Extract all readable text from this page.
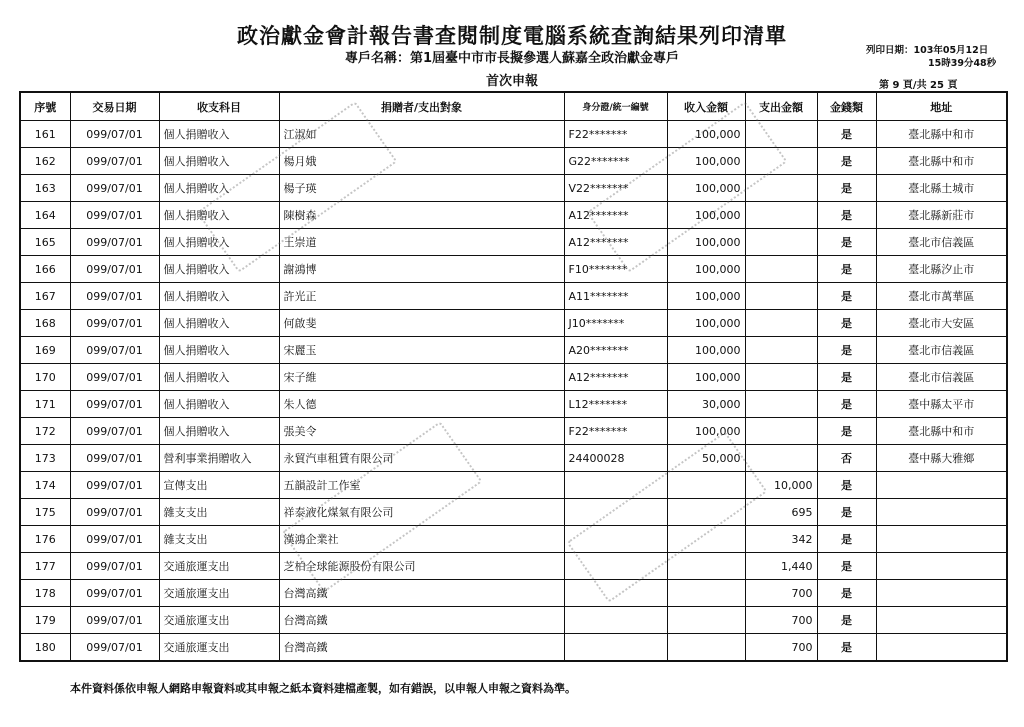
政治獻金會計報告書查閱制度電腦系統查詢結果列印清單
專戶名稱：第1屆臺中市市長擬參選人蘇嘉全政治獻金專戶
首次申報
列印日期：103年05月12日
15時39分48秒
第 9 頁/共 25 頁
序號	交易日期	收支科目	捐贈者/支出對象	身分證/統一編號	收入金額	支出金額	金錢類	地址
161	099/07/01	個人捐贈收入	江淑如	F22*******	100,000		是	臺北縣中和市
162	099/07/01	個人捐贈收入	楊月娥	G22*******	100,000		是	臺北縣中和市
163	099/07/01	個人捐贈收入	楊子瑛	V22*******	100,000		是	臺北縣土城市
164	099/07/01	個人捐贈收入	陳樹森	A12*******	100,000		是	臺北縣新莊市
165	099/07/01	個人捐贈收入	王崇道	A12*******	100,000		是	臺北市信義區
166	099/07/01	個人捐贈收入	謝鴻博	F10*******	100,000		是	臺北縣汐止市
167	099/07/01	個人捐贈收入	許光正	A11*******	100,000		是	臺北市萬華區
168	099/07/01	個人捐贈收入	何啟斐	J10*******	100,000		是	臺北市大安區
169	099/07/01	個人捐贈收入	宋麗玉	A20*******	100,000		是	臺北市信義區
170	099/07/01	個人捐贈收入	宋子維	A12*******	100,000		是	臺北市信義區
171	099/07/01	個人捐贈收入	朱人德	L12*******	30,000		是	臺中縣太平市
172	099/07/01	個人捐贈收入	張美令	F22*******	100,000		是	臺北縣中和市
173	099/07/01	營利事業捐贈收入	永貿汽車租賃有限公司	24400028	50,000		否	臺中縣大雅鄉
174	099/07/01	宣傳支出	五韻設計工作室			10,000	是	
175	099/07/01	雜支支出	祥泰液化煤氣有限公司			695	是	
176	099/07/01	雜支支出	漢鴻企業社			342	是	
177	099/07/01	交通旅運支出	芝柏全球能源股份有限公司			1,440	是	
178	099/07/01	交通旅運支出	台灣高鐵			700	是	
179	099/07/01	交通旅運支出	台灣高鐵			700	是	
180	099/07/01	交通旅運支出	台灣高鐵			700	是	
本件資料係依申報人網路申報資料或其申報之紙本資料建檔產製，如有錯誤，以申報人申報之資料為準。
